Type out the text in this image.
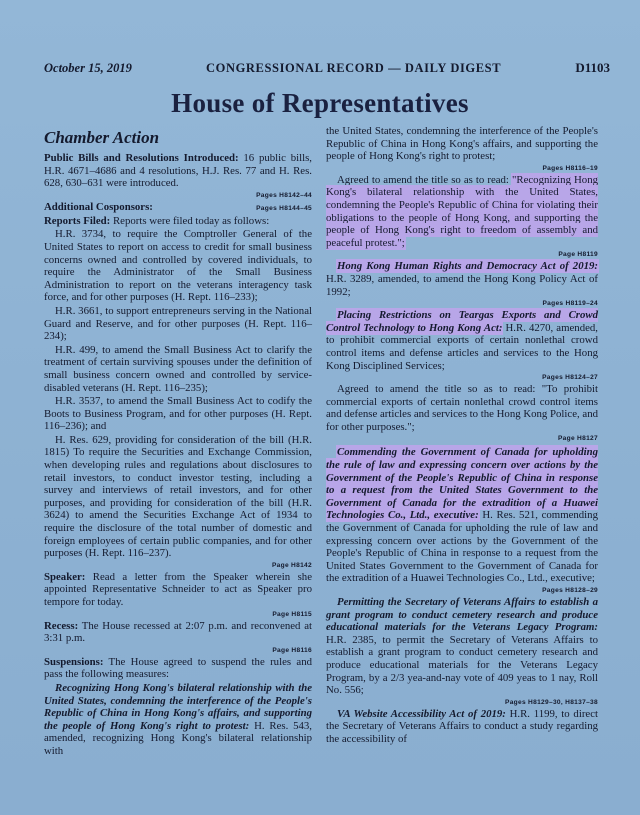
October 15, 2019	CONGRESSIONAL RECORD — DAILY DIGEST	D1103
House of Representatives
Chamber Action

Public Bills and Resolutions Introduced: 16 public bills, H.R. 4671–4686 and 4 resolutions, H.J. Res. 77 and H. Res. 628, 630–631 were introduced.

Pages H8142–44

Additional Cosponsors:	Pages H8144–45

Reports Filed: Reports were filed today as follows:

H.R. 3734, to require the Comptroller General of the United States to report on access to credit for small business concerns owned and controlled by covered individuals, to require the Administrator of the Small Business Administration to report on the veterans interagency task force, and for other purposes (H. Rept. 116–233);

H.R. 3661, to support entrepreneurs serving in the National Guard and Reserve, and for other purposes (H. Rept. 116–234);

H.R. 499, to amend the Small Business Act to clarify the treatment of certain surviving spouses under the definition of small business concern owned and controlled by service-disabled veterans (H. Rept. 116–235);

H.R. 3537, to amend the Small Business Act to codify the Boots to Business Program, and for other purposes (H. Rept. 116–236); and

H. Res. 629, providing for consideration of the bill (H.R. 1815) To require the Securities and Exchange Commission, when developing rules and regulations about disclosures to retail investors, to conduct investor testing, including a survey and interviews of retail investors, and for other purposes, and providing for consideration of the bill (H.R. 3624) to amend the Securities Exchange Act of 1934 to require the disclosure of the total number of domestic and foreign employees of certain public companies, and for other purposes (H. Rept. 116–237).

Page H8142

Speaker: Read a letter from the Speaker wherein she appointed Representative Schneider to act as Speaker pro tempore for today.

Page H8115

Recess: The House recessed at 2:07 p.m. and reconvened at 3:31 p.m.

Page H8116

Suspensions: The House agreed to suspend the rules and pass the following measures:

Recognizing Hong Kong's bilateral relationship with the United States, condemning the interference of the People's Republic of China in Hong Kong's affairs, and supporting the people of Hong Kong's right to protest: H. Res. 543, amended, recognizing Hong Kong's bilateral relationship with

the United States, condemning the interference of the People's Republic of China in Hong Kong's affairs, and supporting the people of Hong Kong's right to protest;

Pages H8116–19

Agreed to amend the title so as to read: "Recognizing Hong Kong's bilateral relationship with the United States, condemning the People's Republic of China for violating their obligations to the people of Hong Kong, and supporting the people of Hong Kong's right to freedom of assembly and peaceful protest.";

Page H8119

Hong Kong Human Rights and Democracy Act of 2019: H.R. 3289, amended, to amend the Hong Kong Policy Act of 1992;

Pages H8119–24

Placing Restrictions on Teargas Exports and Crowd Control Technology to Hong Kong Act: H.R. 4270, amended, to prohibit commercial exports of certain nonlethal crowd control items and defense articles and services to the Hong Kong Disciplined Services;

Pages H8124–27

Agreed to amend the title so as to read: "To prohibit commercial exports of certain nonlethal crowd control items and defense articles and services to the Hong Kong Police, and for other purposes.";

Page H8127

Commending the Government of Canada for upholding the rule of law and expressing concern over actions by the Government of the People's Republic of China in response to a request from the United States Government to the Government of Canada for the extradition of a Huawei Technologies Co., Ltd., executive: H. Res. 521, commending the Government of Canada for upholding the rule of law and expressing concern over actions by the Government of the People's Republic of China in response to a request from the United States Government to the Government of Canada for the extradition of a Huawei Technologies Co., Ltd., executive;

Pages H8128–29

Permitting the Secretary of Veterans Affairs to establish a grant program to conduct cemetery research and produce educational materials for the Veterans Legacy Program: H.R. 2385, to permit the Secretary of Veterans Affairs to establish a grant program to conduct cemetery research and produce educational materials for the Veterans Legacy Program, by a 2/3 yea-and-nay vote of 409 yeas to 1 nay, Roll No. 556;

Pages H8129–30, H8137–38

VA Website Accessibility Act of 2019: H.R. 1199, to direct the Secretary of Veterans Affairs to conduct a study regarding the accessibility of
